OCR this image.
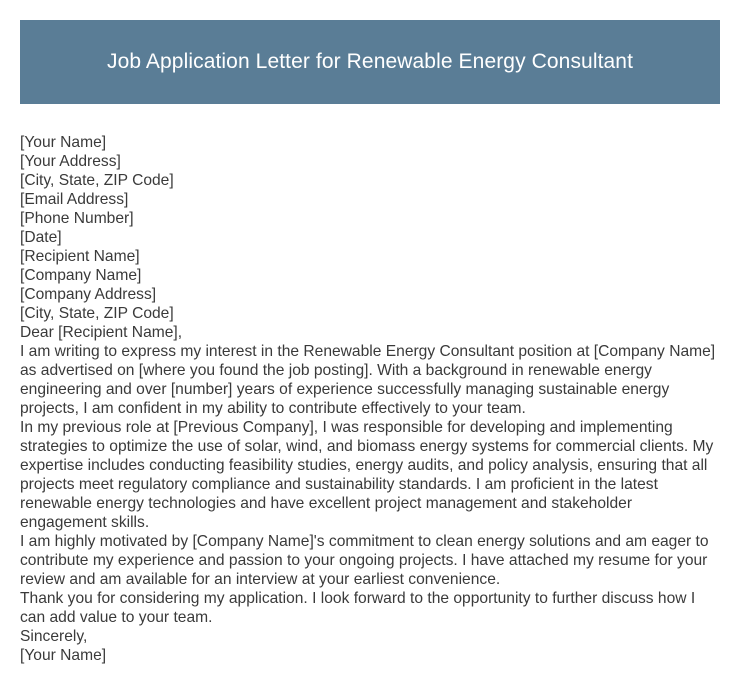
Job Application Letter for Renewable Energy Consultant

[Your Name]

[Your Address]

[City, State, ZIP Code]

[Email Address]

[Phone Number]

[Date]

[Recipient Name]

[Company Name]

[Company Address]

[City, State, ZIP Code]

Dear [Recipient Name],

I am writing to express my interest in the Renewable Energy Consultant position at [Company Name] as advertised on [where you found the job posting]. With a background in renewable energy engineering and over [number] years of experience successfully managing sustainable energy projects, I am confident in my ability to contribute effectively to your team.

In my previous role at [Previous Company], I was responsible for developing and implementing strategies to optimize the use of solar, wind, and biomass energy systems for commercial clients. My expertise includes conducting feasibility studies, energy audits, and policy analysis, ensuring that all projects meet regulatory compliance and sustainability standards. I am proficient in the latest renewable energy technologies and have excellent project management and stakeholder engagement skills.

I am highly motivated by [Company Name]'s commitment to clean energy solutions and am eager to contribute my experience and passion to your ongoing projects. I have attached my resume for your review and am available for an interview at your earliest convenience.

Thank you for considering my application. I look forward to the opportunity to further discuss how I can add value to your team.

Sincerely,

[Your Name]
